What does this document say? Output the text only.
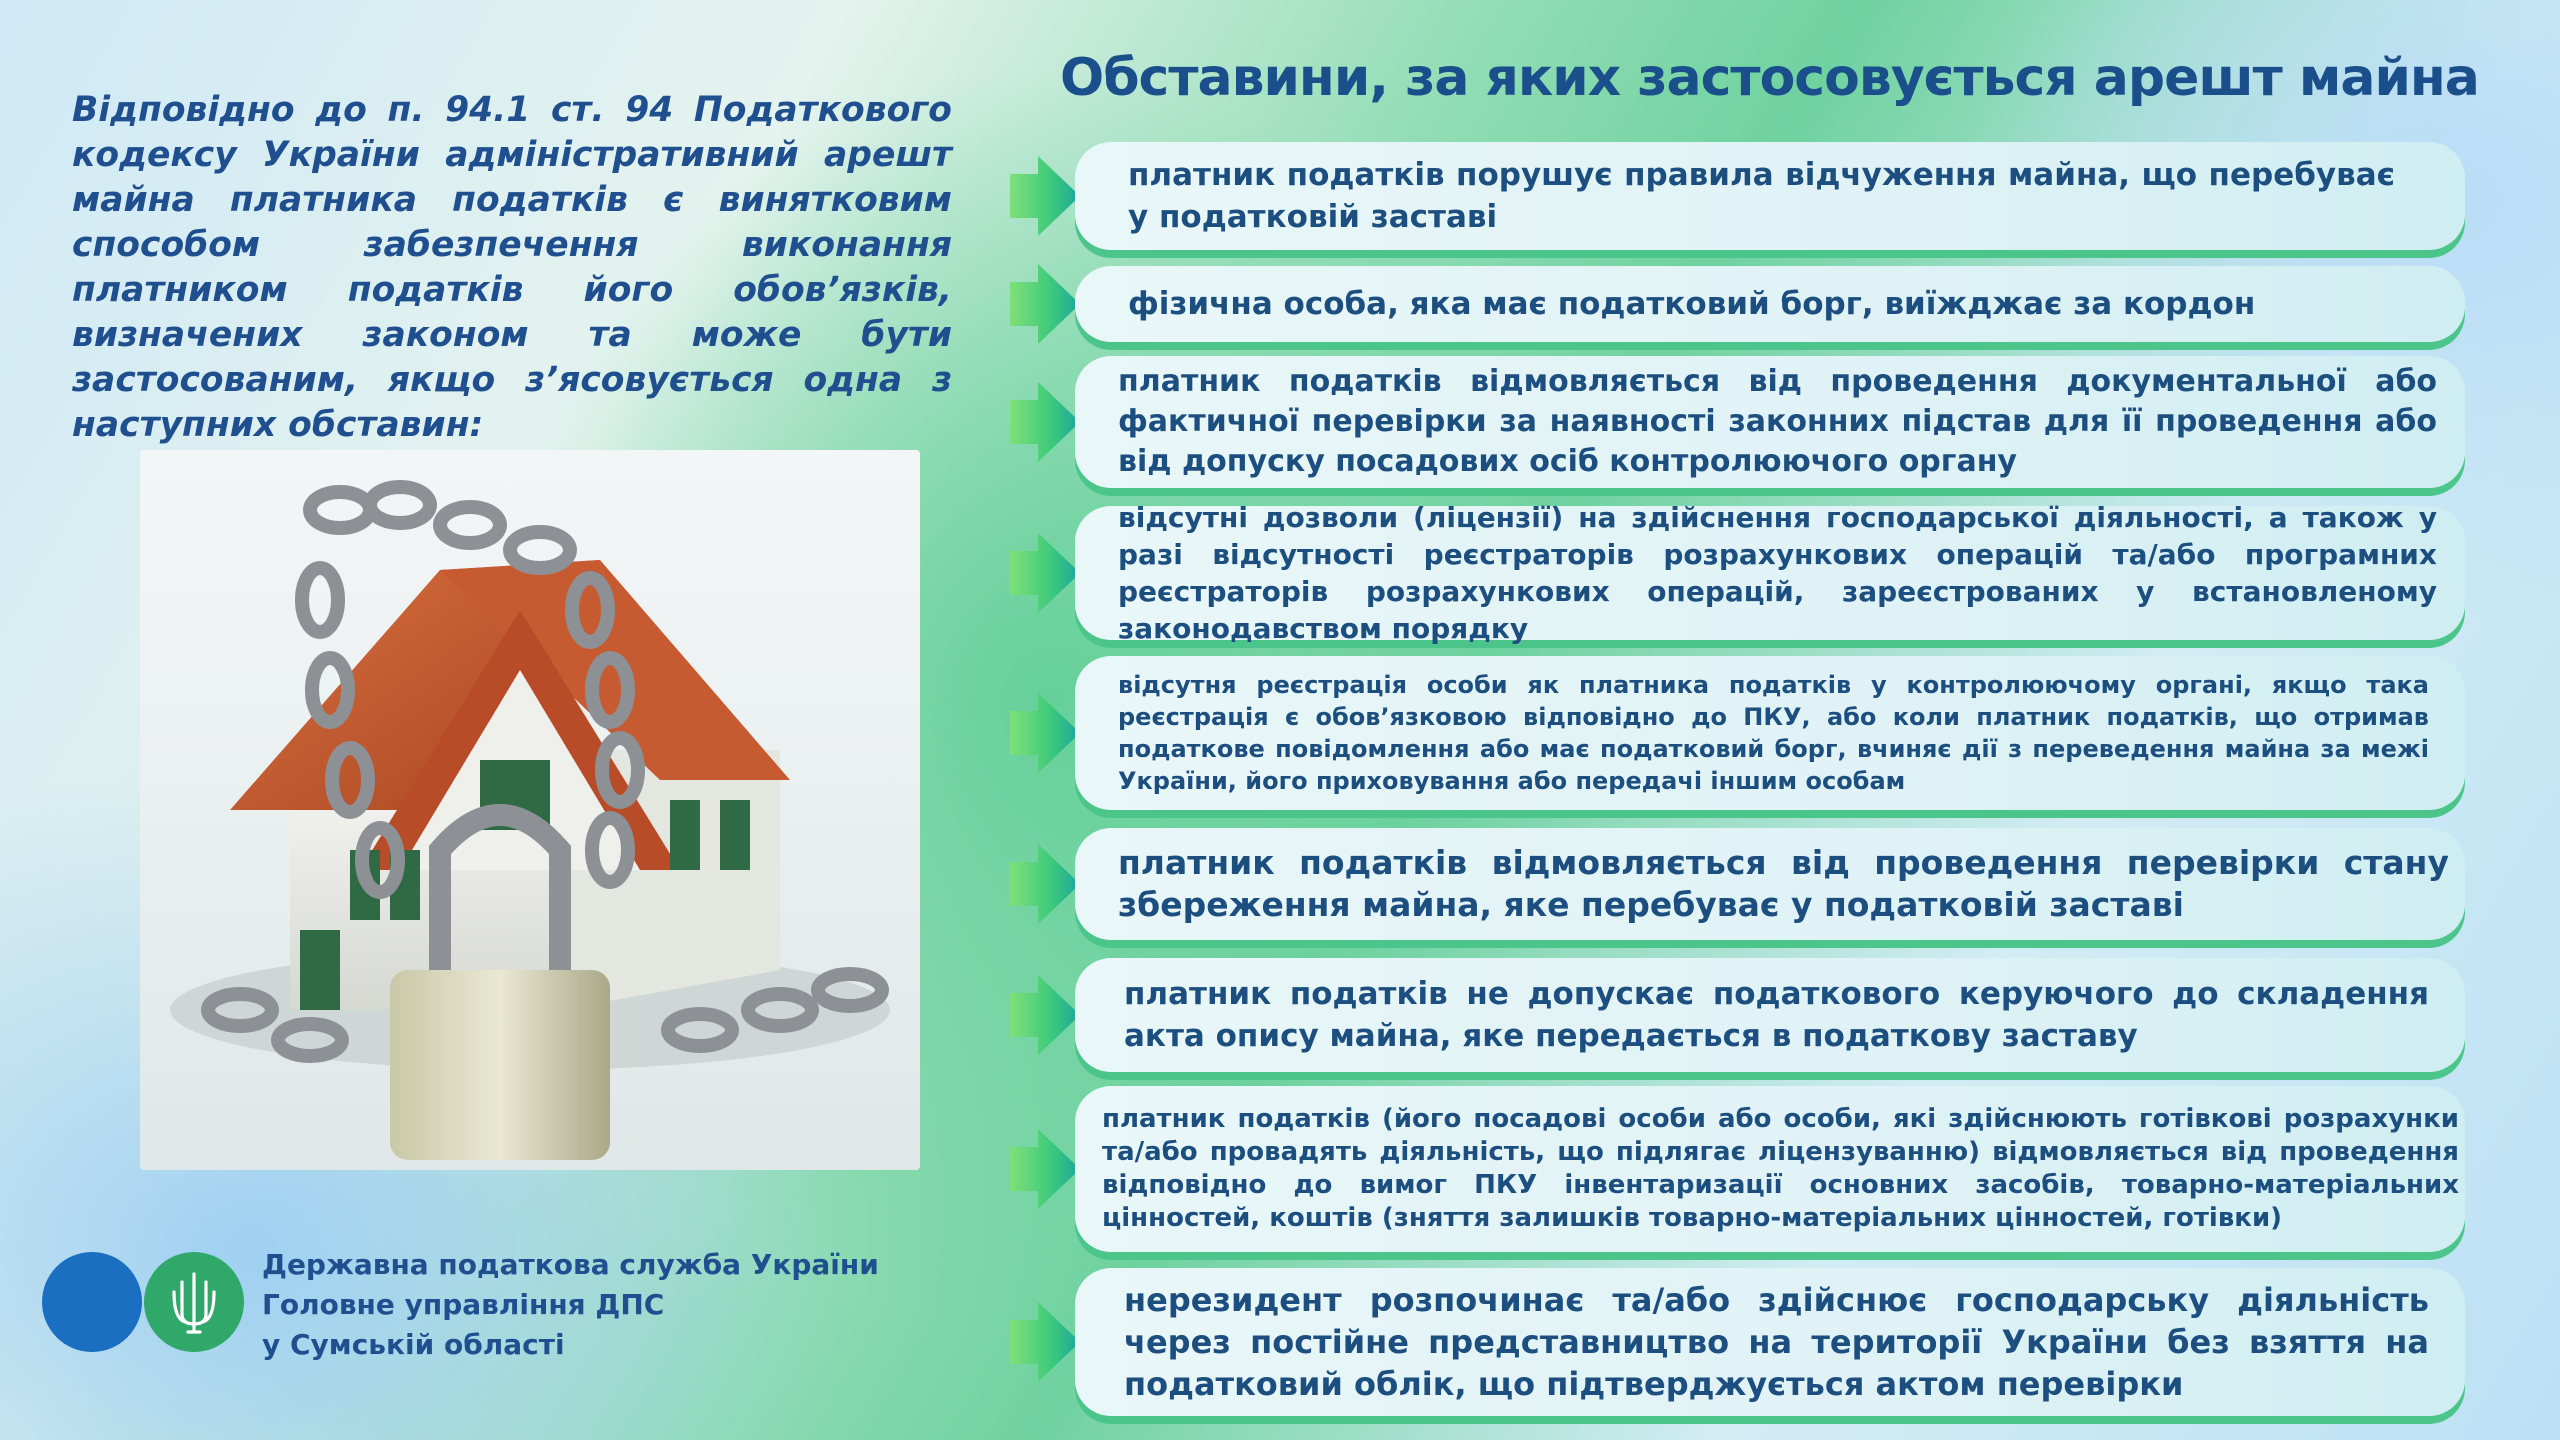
Відповідно до п. 94.1 ст. 94 Податкового кодексу України адміністративний арешт майна платника податків є винятковим способом забезпечення виконання платником податків його обов’язків, визначених законом та може бути застосованим, якщо з’ясовується одна з наступних обставин:
Обставини, за яких застосовується арешт майна
платник податків порушує правила відчуження майна, що перебуває у податковій заставі
фізична особа, яка має податковий борг, виїжджає за кордон
платник податків відмовляється від проведення документальної або фактичної перевірки за наявності законних підстав для її проведення або від допуску посадових осіб контролюючого органу
відсутні дозволи (ліцензії) на здійснення господарської діяльності, а також у разі відсутності реєстраторів розрахункових операцій та/або програмних реєстраторів розрахункових операцій, зареєстрованих у встановленому законодавством порядку
відсутня реєстрація особи як платника податків у контролюючому органі, якщо така реєстрація є обов’язковою відповідно до ПКУ, або коли платник податків, що отримав податкове повідомлення або має податковий борг, вчиняє дії з переведення майна за межі України, його приховування або передачі іншим особам
платник податків відмовляється від проведення перевірки стану збереження майна, яке перебуває у податковій заставі
платник податків не допускає податкового керуючого до складення акта опису майна, яке передається в податкову заставу
платник податків (його посадові особи або особи, які здійснюють готівкові розрахунки та/або провадять діяльність, що підлягає ліцензуванню) відмовляється від проведення відповідно до вимог ПКУ інвентаризації основних засобів, товарно-матеріальних цінностей, коштів (зняття залишків товарно-матеріальних цінностей, готівки)
нерезидент розпочинає та/або здійснює господарську діяльність через постійне представництво на території України без взяття на податковий облік, що підтверджується актом перевірки
Державна податкова служба України
Головне управління ДПС
у Сумській області
